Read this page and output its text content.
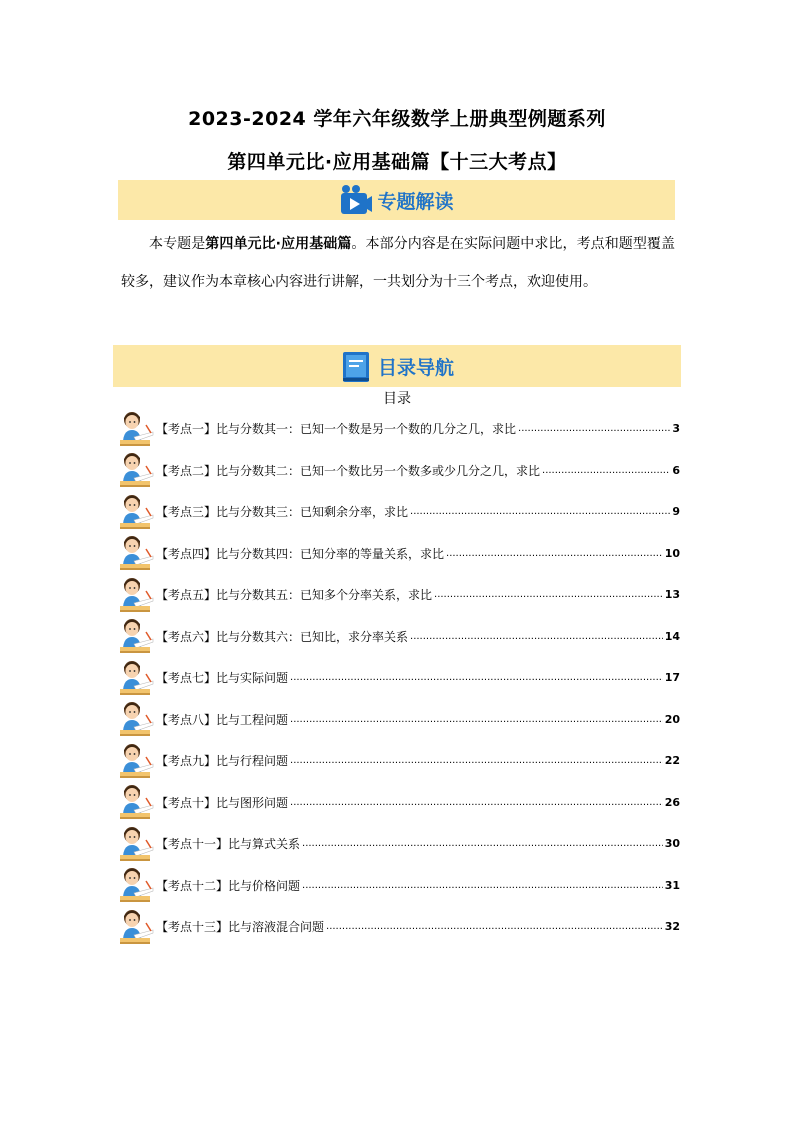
2023-2024 学年六年级数学上册典型例题系列
第四单元比·应用基础篇【十三大考点】
专题解读
本专题是第四单元比·应用基础篇。本部分内容是在实际问题中求比，考点和题型覆盖较多，建议作为本章核心内容进行讲解，一共划分为十三个考点，欢迎使用。
目录导航
目录
【考点一】比与分数其一：已知一个数是另一个数的几分之几，求比 .....	3
【考点二】比与分数其二：已知一个数比另一个数多或少几分之几，求比 .....	6
【考点三】比与分数其三：已知剩余分率，求比 .....	9
【考点四】比与分数其四：已知分率的等量关系，求比 .....	10
【考点五】比与分数其五：已知多个分率关系，求比 .....	13
【考点六】比与分数其六：已知比，求分率关系 .....	14
【考点七】比与实际问题 .....	17
【考点八】比与工程问题 .....	20
【考点九】比与行程问题 .....	22
【考点十】比与图形问题 .....	26
【考点十一】比与算式关系 .....	30
【考点十二】比与价格问题 .....	31
【考点十三】比与溶液混合问题 .....	32
